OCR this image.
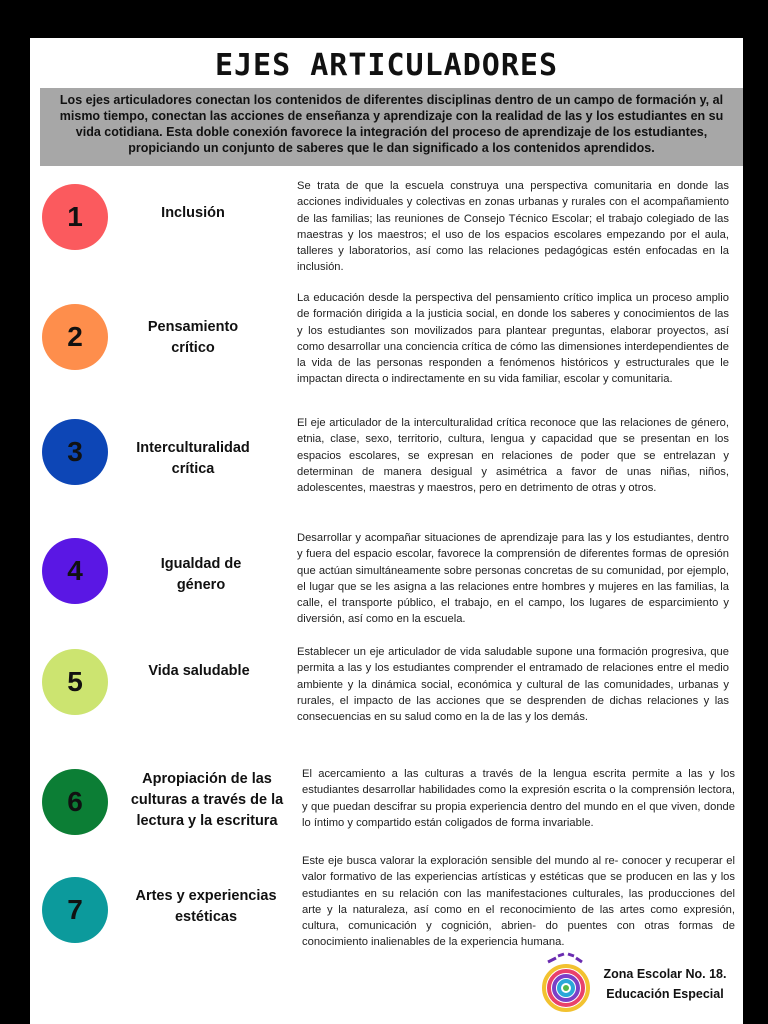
EJES ARTICULADORES
Los ejes articuladores conectan los contenidos de diferentes disciplinas dentro de un campo de formación y, al mismo tiempo, conectan las acciones de enseñanza y aprendizaje con la realidad de las y los estudiantes en su vida cotidiana. Esta doble conexión favorece la integración del proceso de aprendizaje de los estudiantes, propiciando un conjunto de saberes que le dan significado a los contenidos aprendidos.
1	Inclusión
Se trata de que la escuela construya una perspectiva comunitaria en donde las acciones individuales y colectivas en zonas urbanas y rurales con el acompañamiento de las familias; las reuniones de Consejo Técnico Escolar; el trabajo colegiado de las maestras y los maestros; el uso de los espacios escolares empezando por el aula, talleres y laboratorios, así como las relaciones pedagógicas estén enfocadas en la inclusión.
2	Pensamiento crítico
La educación desde la perspectiva del pensamiento crítico implica un proceso amplio de formación dirigida a la justicia social, en donde los saberes y conocimientos de las y los estudiantes son movilizados para plantear preguntas, elaborar proyectos, así como desarrollar una conciencia crítica de cómo las dimensiones interdependientes de la vida de las personas responden a fenómenos históricos y estructurales que le impactan directa o indirectamente en su vida familiar, escolar y comunitaria.
3	Interculturalidad crítica
El eje articulador de la interculturalidad crítica reconoce que las relaciones de género, etnia, clase, sexo, territorio, cultura, lengua y capacidad que se presentan en los espacios escolares, se expresan en relaciones de poder que se entrelazan y determinan de manera desigual y asimétrica a favor de unas niñas, niños, adolescentes, maestras y maestros, pero en detrimento de otras y otros.
4	Igualdad de género
Desarrollar y acompañar situaciones de aprendizaje para las y los estudiantes, dentro y fuera del espacio escolar, favorece la comprensión de diferentes formas de opresión que actúan simultáneamente sobre personas concretas de su comunidad, por ejemplo, el lugar que se les asigna a las relaciones entre hombres y mujeres en las familias, la calle, el transporte público, el trabajo, en el campo, los lugares de esparcimiento y diversión, así como en la escuela.
5	Vida saludable
Establecer un eje articulador de vida saludable supone una formación progresiva, que permita a las y los estudiantes comprender el entramado de relaciones entre el medio ambiente y la dinámica social, económica y cultural de las comunidades, urbanas y rurales, el impacto de las acciones que se desprenden de dichas relaciones y las consecuencias en su salud como en la de las y los demás.
6
Apropiación de las culturas a través de la lectura y la escritura
El acercamiento a las culturas a través de la lengua escrita permite a las y los estudiantes desarrollar habilidades como la expresión escrita o la comprensión lectora, y que puedan descifrar su propia experiencia dentro del mundo en el que viven, donde lo íntimo y compartido están coligados de forma invariable.
7	Artes y experiencias estéticas
Este eje busca valorar la exploración sensible del mundo al re- conocer y recuperar el valor formativo de las experiencias artísticas y estéticas que se producen en las y los estudiantes en su relación con las manifestaciones culturales, las producciones del arte y la naturaleza, así como en el reconocimiento de las artes como expresión, cultura, comunicación y cognición, abrien- do puentes con otras formas de conocimiento inalienables de la experiencia humana.
Zona Escolar No. 18.
Educación Especial
